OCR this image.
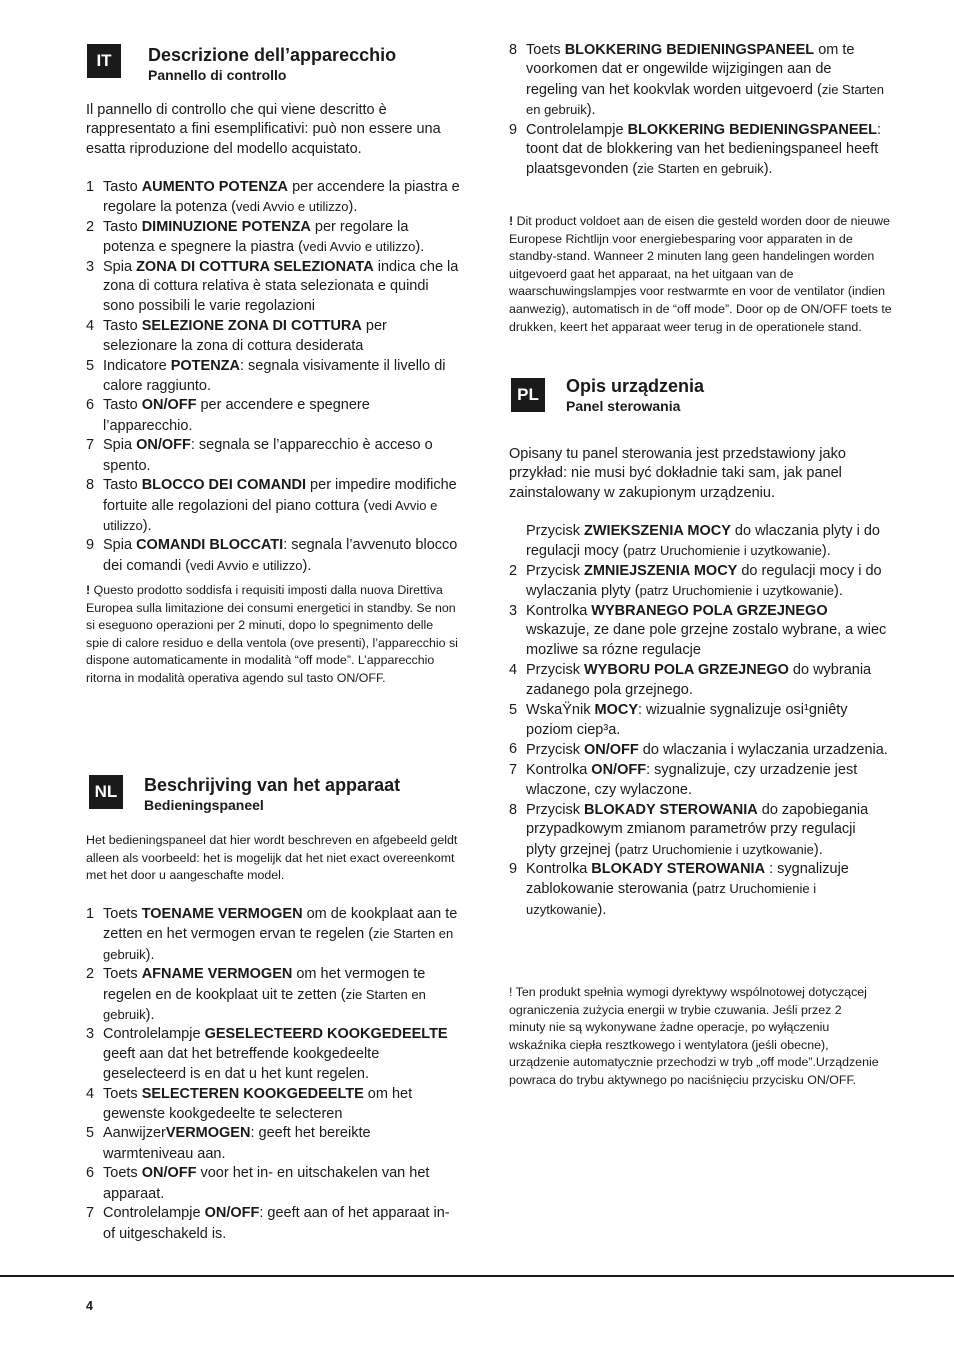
IT	Descrizione dell’apparecchio
Pannello di controllo
Il pannello di controllo che qui viene descritto è rappresentato a fini esemplificativi: può non essere una esatta riproduzione del modello acquistato.
1 Tasto AUMENTO POTENZA per accendere la piastra e regolare la potenza (vedi Avvio e utilizzo).
2 Tasto DIMINUZIONE POTENZA per regolare la potenza e spegnere la piastra (vedi Avvio e utilizzo).
3 Spia ZONA DI COTTURA SELEZIONATA indica che la zona di cottura relativa è stata selezionata e quindi sono possibili le varie regolazioni
4 Tasto SELEZIONE ZONA DI COTTURA per selezionare la zona di cottura desiderata
5 Indicatore POTENZA: segnala visivamente il livello di calore raggiunto.
6 Tasto ON/OFF per accendere e spegnere l’apparecchio.
7 Spia ON/OFF: segnala se l’apparecchio è acceso o spento.
8 Tasto BLOCCO DEI COMANDI per impedire modifiche fortuite alle regolazioni del piano cottura (vedi Avvio e utilizzo).
9 Spia COMANDI BLOCCATI: segnala l’avvenuto blocco dei comandi (vedi Avvio e utilizzo).
! Questo prodotto soddisfa i requisiti imposti dalla nuova Direttiva Europea sulla limitazione dei consumi energetici in standby. Se non si eseguono operazioni per 2 minuti, dopo lo spegnimento delle spie di calore residuo e della ventola (ove presenti), l’apparecchio si dispone automaticamente in modalità “off mode”. L’apparecchio ritorna in modalità operativa agendo sul tasto ON/OFF.
NL	Beschrijving van het apparaat
Bedieningspaneel
Het bedieningspaneel dat hier wordt beschreven en afgebeeld geldt alleen als voorbeeld: het is mogelijk dat het niet exact overeenkomt met het door u aangeschafte model.
1 Toets TOENAME VERMOGEN om de kookplaat aan te zetten en het vermogen ervan te regelen (zie Starten en gebruik).
2 Toets AFNAME VERMOGEN om het vermogen te regelen en de kookplaat uit te zetten (zie Starten en gebruik).
3 Controlelampje GESELECTEERD KOOKGEDEELTE geeft aan dat het betreffende kookgedeelte geselecteerd is en dat u het kunt regelen.
4 Toets SELECTEREN KOOKGEDEELTE om het gewenste kookgedeelte te selecteren
5 AanwijzerVERMOGEN: geeft het bereikte warmteniveau aan.
6 Toets ON/OFF voor het in- en uitschakelen van het apparaat.
7 Controlelampje ON/OFF: geeft aan of het apparaat in- of uitgeschakeld is.
8 Toets BLOKKERING BEDIENINGSPANEEL om te voorkomen dat er ongewilde wijzigingen aan de regeling van het kookvlak worden uitgevoerd (zie Starten en gebruik).
9 Controlelampje BLOKKERING BEDIENINGSPANEEL: toont dat de blokkering van het bedieningspaneel heeft plaatsgevonden (zie Starten en gebruik).
! Dit product voldoet aan de eisen die gesteld worden door de nieuwe Europese Richtlijn voor energiebesparing voor apparaten in de standby-stand. Wanneer 2 minuten lang geen handelingen worden uitgevoerd gaat het apparaat, na het uitgaan van de waarschuwingslampjes voor restwarmte en voor de ventilator (indien aanwezig), automatisch in de “off mode”. Door op de ON/OFF toets te drukken, keert het apparaat weer terug in de operationele stand.
PL	Opis urządzenia
Panel sterowania
Opisany tu panel sterowania jest przedstawiony jako przykład: nie musi być dokładnie taki sam, jak panel zainstalowany w zakupionym urządzeniu.
Przycisk ZWIEKSZENIA MOCY do wlaczania plyty i do regulacji mocy (patrz Uruchomienie i uzytkowanie).
2 Przycisk ZMNIEJSZENIA MOCY do regulacji mocy i do wylaczania plyty (patrz Uruchomienie i uzytkowanie).
3 Kontrolka WYBRANEGO POLA GRZEJNEGO wskazuje, ze dane pole grzejne zostalo wybrane, a wiec mozliwe sa rózne regulacje
4 Przycisk WYBORU POLA GRZEJNEGO do wybrania zadanego pola grzejnego.
5 WskaŸnik MOCY: wizualnie sygnalizuje osi¹gniêty poziom ciep³a.
6 Przycisk ON/OFF do wlaczania i wylaczania urzadzenia.
7 Kontrolka ON/OFF: sygnalizuje, czy urzadzenie jest wlaczone, czy wylaczone.
8 Przycisk BLOKADY STEROWANIA do zapobiegania przypadkowym zmianom parametrów przy regulacji plyty grzejnej (patrz Uruchomienie i uzytkowanie).
9 Kontrolka BLOKADY STEROWANIA : sygnalizuje zablokowanie sterowania (patrz Uruchomienie i uzytkowanie).
! Ten produkt spełnia wymogi dyrektywy wspólnotowej dotyczącej ograniczenia zużycia energii w trybie czuwania. Jeśli przez 2 minuty nie są wykonywane żadne operacje, po wyłączeniu wskaźnika ciepła resztkowego i wentylatora (jeśli obecne), urządzenie automatycznie przechodzi w tryb „off mode”.Urządzenie powraca do trybu aktywnego po naciśnięciu przycisku ON/OFF.
4
